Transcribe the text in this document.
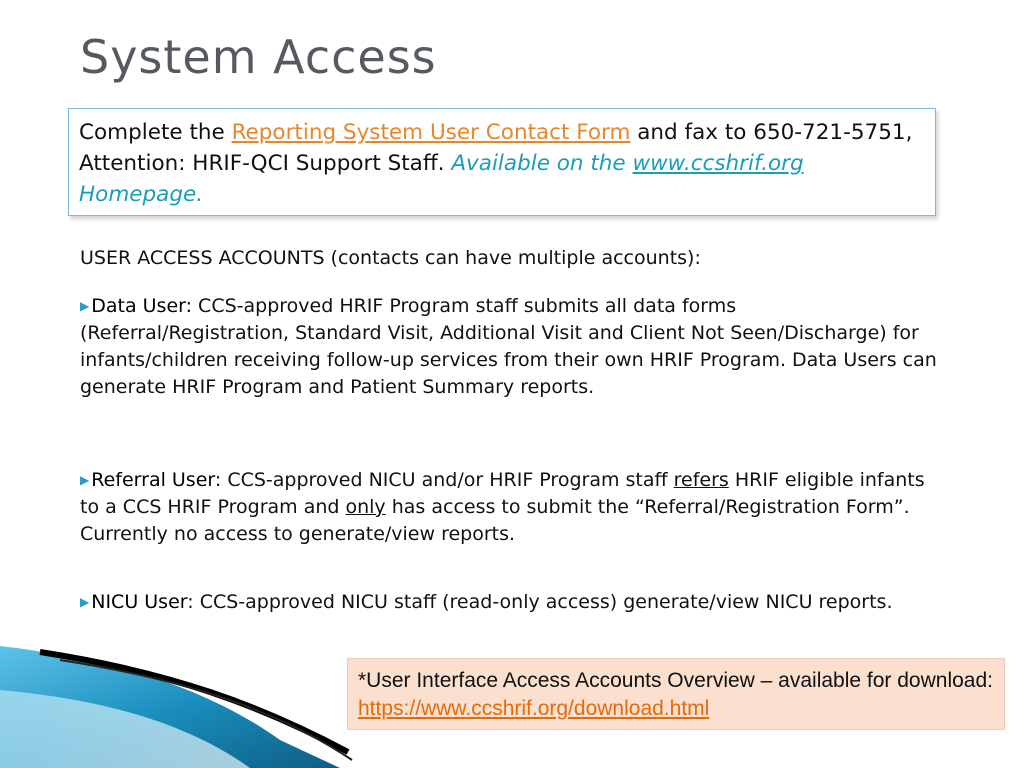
System Access
Complete the Reporting System User Contact Form and fax to 650-721-5751, Attention: HRIF-QCI Support Staff. Available on the www.ccshrif.org Homepage.
USER ACCESS ACCOUNTS (contacts can have multiple accounts):
▶ Data User: CCS-approved HRIF Program staff submits all data forms (Referral/Registration, Standard Visit, Additional Visit and Client Not Seen/Discharge) for infants/children receiving follow-up services from their own HRIF Program. Data Users can generate HRIF Program and Patient Summary reports.
▶ Referral User: CCS-approved NICU and/or HRIF Program staff refers HRIF eligible infants to a CCS HRIF Program and only has access to submit the “Referral/Registration Form”. Currently no access to generate/view reports.
▶ NICU User: CCS-approved NICU staff (read-only access) generate/view NICU reports.
*User Interface Access Accounts Overview – available for download: https://www.ccshrif.org/download.html
